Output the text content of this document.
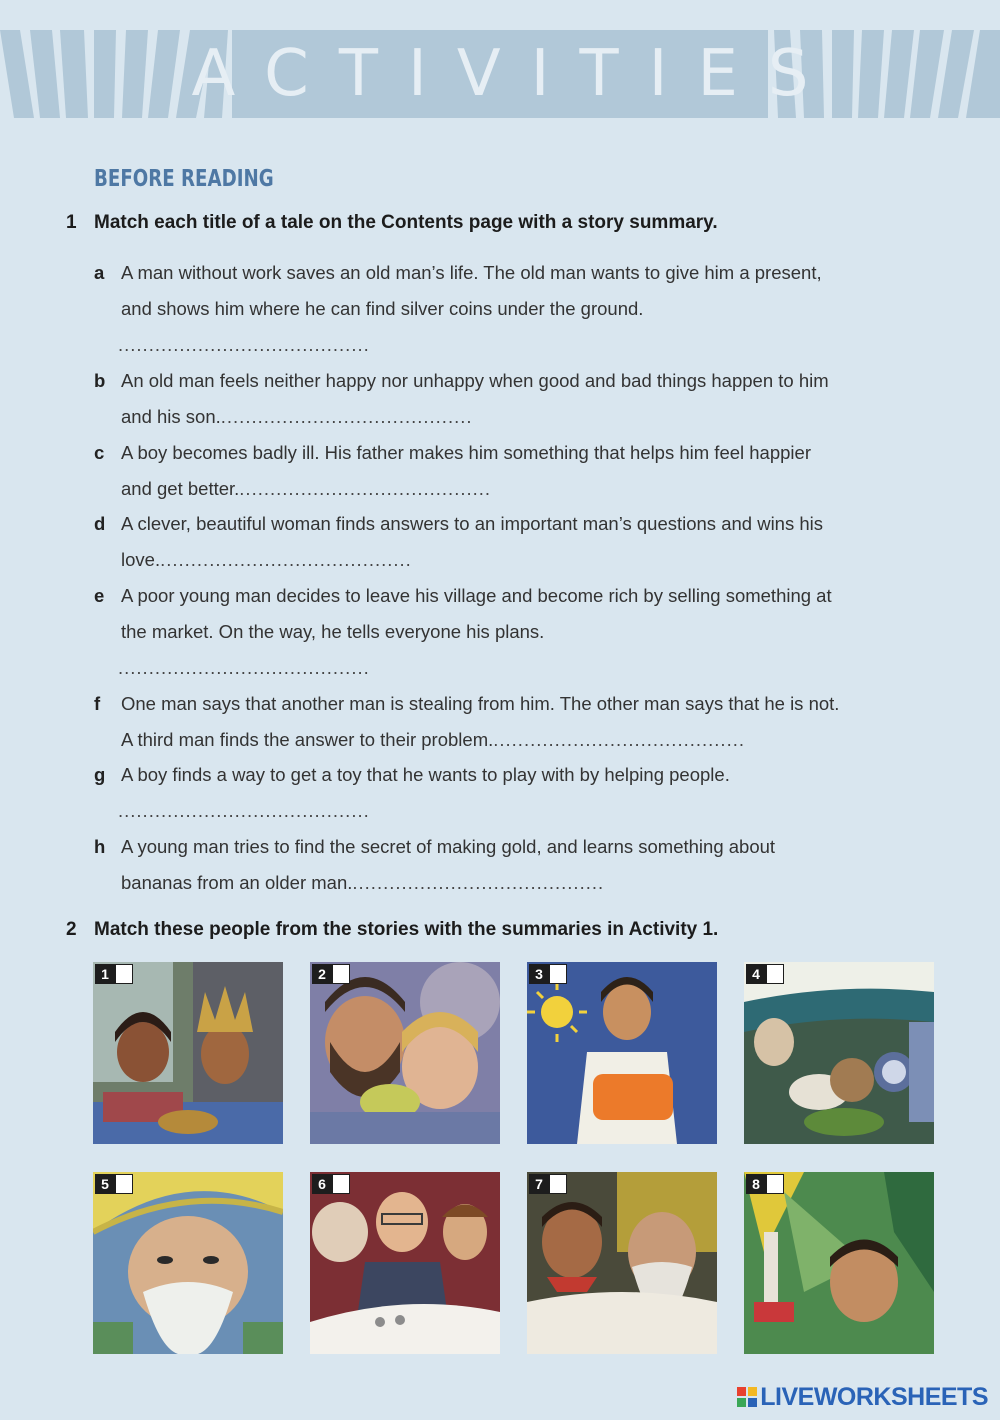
ACTIVITIES
BEFORE READING
1 Match each title of a tale on the Contents page with a story summary.
a A man without work saves an old man’s life. The old man wants to give him a present,
and shows him where he can find silver coins under the ground.
.........................................
b An old man feels neither happy nor unhappy when good and bad things happen to him
and his son..........................................
c A boy becomes badly ill. His father makes him something that helps him feel happier
and get better..........................................
d A clever, beautiful woman finds answers to an important man’s questions and wins his
love..........................................
e A poor young man decides to leave his village and become rich by selling something at
the market. On the way, he tells everyone his plans.
.........................................
f One man says that another man is stealing from him. The other man says that he is not.
A third man finds the answer to their problem..........................................
g A boy finds a way to get a toy that he wants to play with by helping people.
.........................................
h A young man tries to find the secret of making gold, and learns something about
bananas from an older man..........................................
2 Match these people from the stories with the summaries in Activity 1.
1	2	3	4
5	6	7	8
LIVEWORKSHEETS
